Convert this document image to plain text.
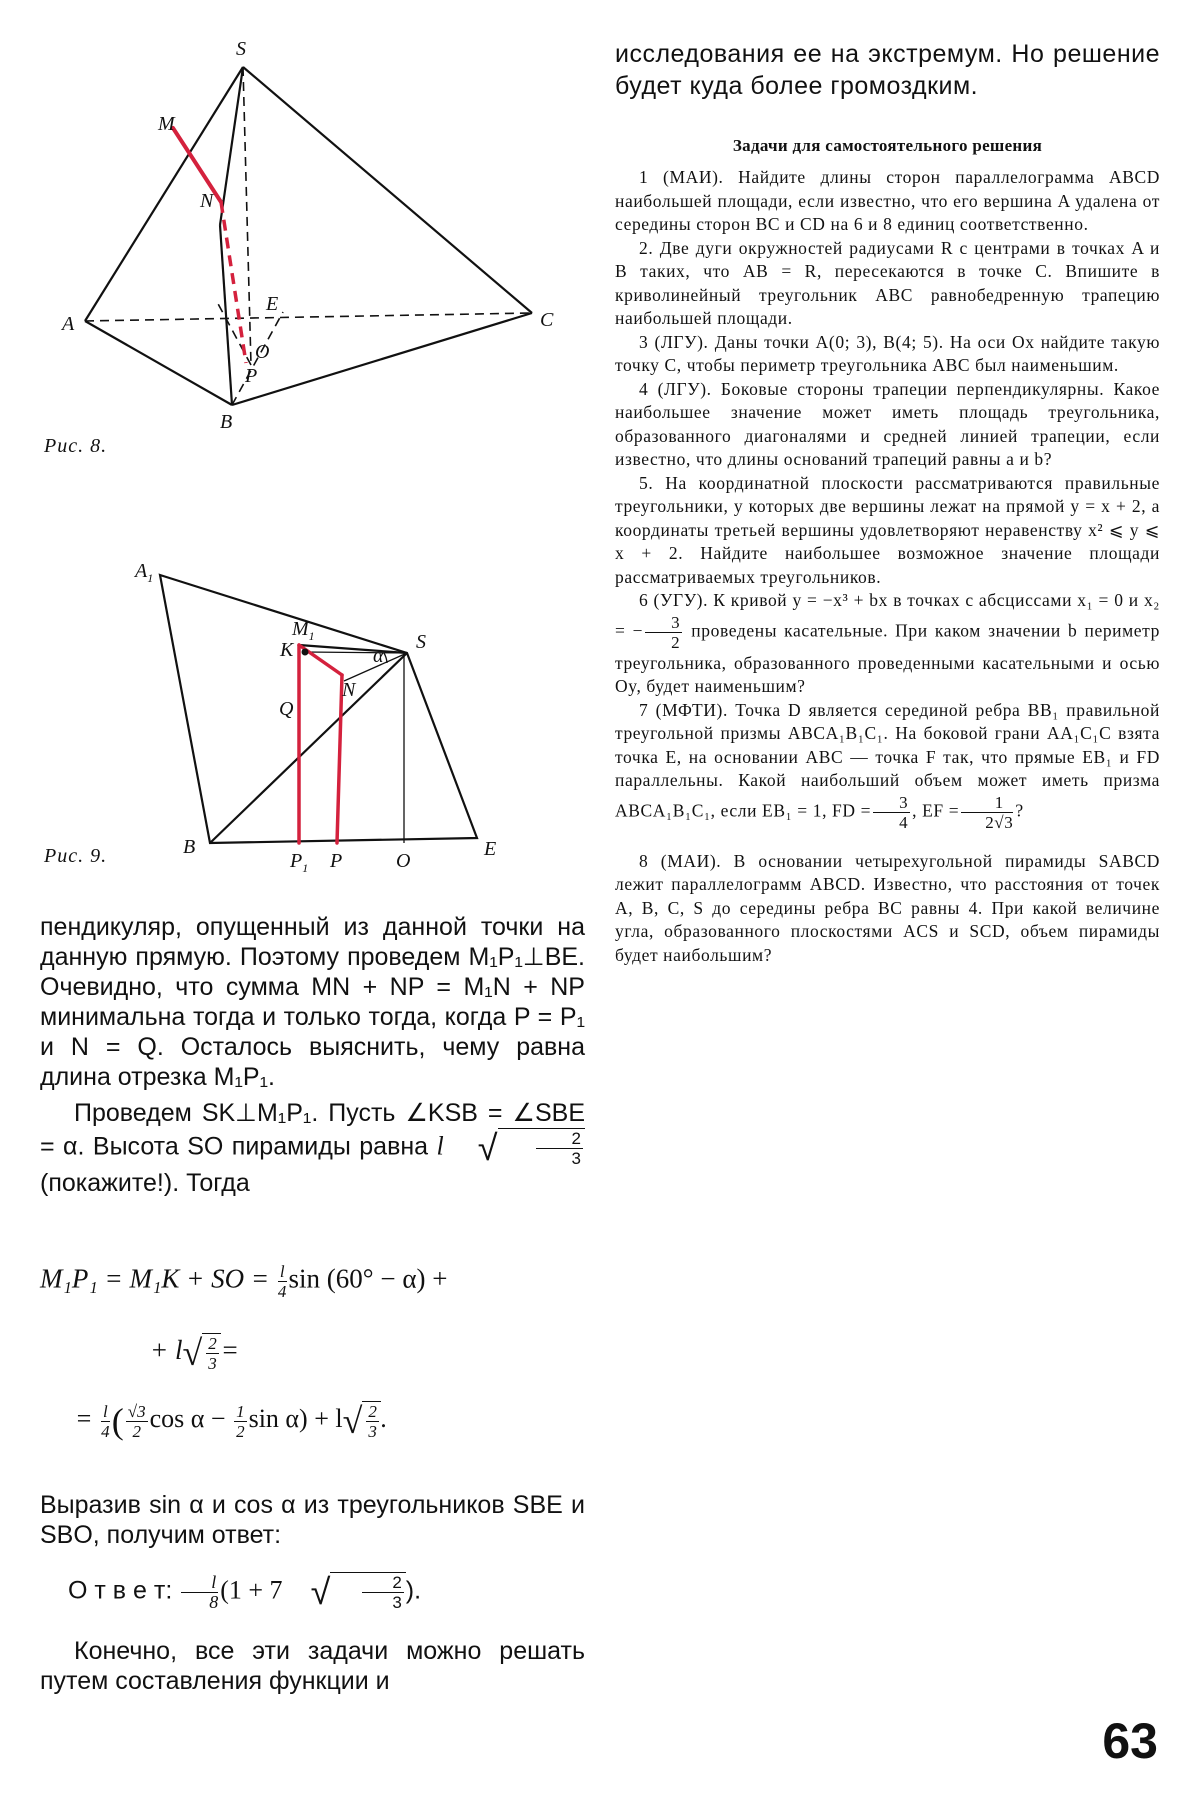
S
M
N
A
E
C
O
P
B
Рис. 8.
$A_1$
$M_1$
K	α
S
Q
N
B
$P_1$ P	O
E
Рис. 9.

пендикуляр, опущенный из данной точки на данную прямую. Поэтому проведем M₁P₁⊥BE. Очевидно, что сумма MN + NP = M₁N + NP минимальна тогда и только тогда, когда P = P₁ и N = Q. Осталось выяснить, чему равна длина отрезка M₁P₁.

Проведем SK⊥M₁P₁. Пусть ∠KSB = ∠SBE = α. Высота SO пирамиды равна l √ $\frac{2}{3}$
(покажите!). Тогда

M₁P₁ = M₁K + SO = $\frac{l}{4}$ sin (60° − α) +
+ $l√ \frac{2}{3}$ =
= $\frac{l}{4}$ ( $\frac{√3}{2}$ $\cos \alpha - \frac{1}{2}$ $\sin \alpha) + l√ \frac{2}{3}$ .

Выразив sin α и cos α из треугольников SBE и SBO, получим ответ:

О т в е т: $\frac{l}{8} (1 + 7$ √ $\frac{2}{3}$ ).

Конечно, все эти задачи можно решать путем составления функции и

исследования ее на экстремум. Но решение будет куда более громоздким.

Задачи для самостоятельного решения

1 (МАИ). Найдите длины сторон параллелограмма ABCD наибольшей площади, если известно, что его вершина A удалена от середины сторон BC и CD на 6 и 8 единиц соответственно.

2. Две дуги окружностей радиусами R с центрами в точках A и B таких, что AB = R, пересекаются в точке C. Впишите в криволинейный треугольник ABC равнобедренную трапецию наибольшей площади.

3 (ЛГУ). Даны точки A(0; 3), B(4; 5). На оси Ox найдите такую точку C, чтобы периметр треугольника ABC был наименьшим.

4 (ЛГУ). Боковые стороны трапеции перпендикулярны. Какое наибольшее значение может иметь площадь треугольника, образованного диагоналями и средней линией трапеции, если известно, что длины оснований трапеций равны a и b?

5. На координатной плоскости рассматриваются правильные треугольники, у которых две вершины лежат на прямой y = x + 2, а координаты третьей вершины удовлетворяют неравенству x² ⩽ y ⩽ x + 2. Найдите наибольшее возможное значение площади рассматриваемых треугольников.

6 (УГУ). К кривой y = −x³ + bx в точках с абсциссами x₁ = 0 и x₂ = − $\frac{3}{2}$ проведены касательные. При каком значении b периметр треугольника, образованного проведенными касательными и осью Oy, будет наименьшим?

7 (МФТИ). Точка D является серединой ребра BB₁ правильной треугольной призмы ABCA₁B₁C₁. На боковой грани AA₁C₁C взята точка E, на основании ABC — точка F так, что прямые EB₁ и FD параллельны. Какой наибольший объем может иметь призма ABCA₁B₁C₁, если EB₁ = 1, FD = $\frac{3}{4}$ , EF = $\frac{1}{2√3}$ ?

8 (МАИ). В основании четырехугольной пирамиды SABCD лежит параллелограмм ABCD. Известно, что расстояния от точек A, B, C, S до середины ребра BC равны 4. При какой величине угла, образованного плоскостями ACS и SCD, объем пирамиды будет наибольшим?

63
